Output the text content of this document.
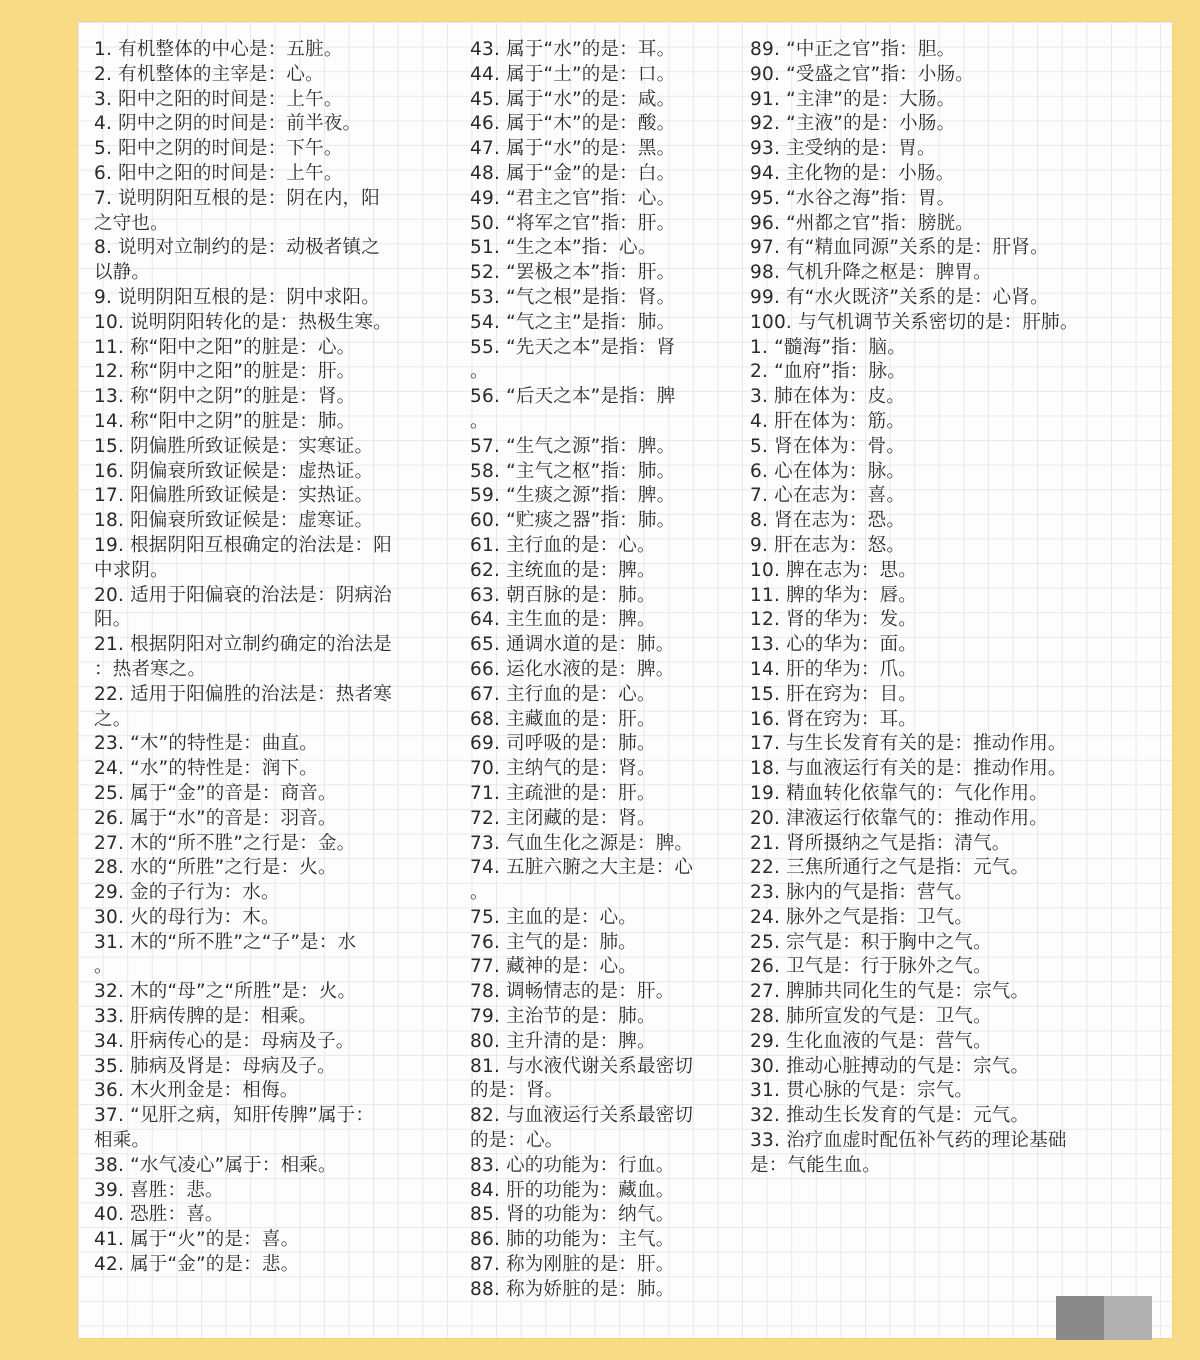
1. 有机整体的中心是：五脏。
2. 有机整体的主宰是：心。
3. 阳中之阳的时间是：上午。
4. 阴中之阴的时间是：前半夜。
5. 阳中之阴的时间是：下午。
6. 阳中之阳的时间是：上午。
7. 说明阴阳互根的是：阴在内，阳
之守也。
8. 说明对立制约的是：动极者镇之
以静。
9. 说明阴阳互根的是：阴中求阳。
10. 说明阴阳转化的是：热极生寒。
11. 称“阳中之阳”的脏是：心。
12. 称“阴中之阳”的脏是：肝。
13. 称“阴中之阴”的脏是：肾。
14. 称“阳中之阴”的脏是：肺。
15. 阴偏胜所致证候是：实寒证。
16. 阴偏衰所致证候是：虚热证。
17. 阳偏胜所致证候是：实热证。
18. 阳偏衰所致证候是：虚寒证。
19. 根据阴阳互根确定的治法是：阳
中求阴。
20. 适用于阳偏衰的治法是：阴病治
阳。
21. 根据阴阳对立制约确定的治法是
：热者寒之。
22. 适用于阳偏胜的治法是：热者寒
之。
23. “木”的特性是：曲直。
24. “水”的特性是：润下。
25. 属于“金”的音是：商音。
26. 属于“水”的音是：羽音。
27. 木的“所不胜”之行是：金。
28. 水的“所胜”之行是：火。
29. 金的子行为：水。
30. 火的母行为：木。
31. 木的“所不胜”之“子”是：水
。
32. 木的“母”之“所胜”是：火。
33. 肝病传脾的是：相乘。
34. 肝病传心的是：母病及子。
35. 肺病及肾是：母病及子。
36. 木火刑金是：相侮。
37. “见肝之病，知肝传脾”属于：
相乘。
38. “水气凌心”属于：相乘。
39. 喜胜：悲。
40. 恐胜：喜。
41. 属于“火”的是：喜。
42. 属于“金”的是：悲。
43. 属于“水”的是：耳。
44. 属于“土”的是：口。
45. 属于“水”的是：咸。
46. 属于“木”的是：酸。
47. 属于“水”的是：黑。
48. 属于“金”的是：白。
49. “君主之官”指：心。
50. “将军之官”指：肝。
51. “生之本”指：心。
52. “罢极之本”指：肝。
53. “气之根”是指：肾。
54. “气之主”是指：肺。
55. “先天之本”是指：肾
。
56. “后天之本”是指：脾
。
57. “生气之源”指：脾。
58. “主气之枢”指：肺。
59. “生痰之源”指：脾。
60. “贮痰之器”指：肺。
61. 主行血的是：心。
62. 主统血的是：脾。
63. 朝百脉的是：肺。
64. 主生血的是：脾。
65. 通调水道的是：肺。
66. 运化水液的是：脾。
67. 主行血的是：心。
68. 主藏血的是：肝。
69. 司呼吸的是：肺。
70. 主纳气的是：肾。
71. 主疏泄的是：肝。
72. 主闭藏的是：肾。
73. 气血生化之源是：脾。
74. 五脏六腑之大主是：心
。
75. 主血的是：心。
76. 主气的是：肺。
77. 藏神的是：心。
78. 调畅情志的是：肝。
79. 主治节的是：肺。
80. 主升清的是：脾。
81. 与水液代谢关系最密切
的是：肾。
82. 与血液运行关系最密切
的是：心。
83. 心的功能为：行血。
84. 肝的功能为：藏血。
85. 肾的功能为：纳气。
86. 肺的功能为：主气。
87. 称为刚脏的是：肝。
88. 称为娇脏的是：肺。
89. “中正之官”指：胆。
90. “受盛之官”指：小肠。
91. “主津”的是：大肠。
92. “主液”的是：小肠。
93. 主受纳的是：胃。
94. 主化物的是：小肠。
95. “水谷之海”指：胃。
96. “州都之官”指：膀胱。
97. 有“精血同源”关系的是：肝肾。
98. 气机升降之枢是：脾胃。
99. 有“水火既济”关系的是：心肾。
100. 与气机调节关系密切的是：肝肺。
1. “髓海”指：脑。
2. “血府”指：脉。
3. 肺在体为：皮。
4. 肝在体为：筋。
5. 肾在体为：骨。
6. 心在体为：脉。
7. 心在志为：喜。
8. 肾在志为：恐。
9. 肝在志为：怒。
10. 脾在志为：思。
11. 脾的华为：唇。
12. 肾的华为：发。
13. 心的华为：面。
14. 肝的华为：爪。
15. 肝在窍为：目。
16. 肾在窍为：耳。
17. 与生长发育有关的是：推动作用。
18. 与血液运行有关的是：推动作用。
19. 精血转化依靠气的：气化作用。
20. 津液运行依靠气的：推动作用。
21. 肾所摄纳之气是指：清气。
22. 三焦所通行之气是指：元气。
23. 脉内的气是指：营气。
24. 脉外之气是指：卫气。
25. 宗气是：积于胸中之气。
26. 卫气是：行于脉外之气。
27. 脾肺共同化生的气是：宗气。
28. 肺所宣发的气是：卫气。
29. 生化血液的气是：营气。
30. 推动心脏搏动的气是：宗气。
31. 贯心脉的气是：宗气。
32. 推动生长发育的气是：元气。
33. 治疗血虚时配伍补气药的理论基础
是：气能生血。
